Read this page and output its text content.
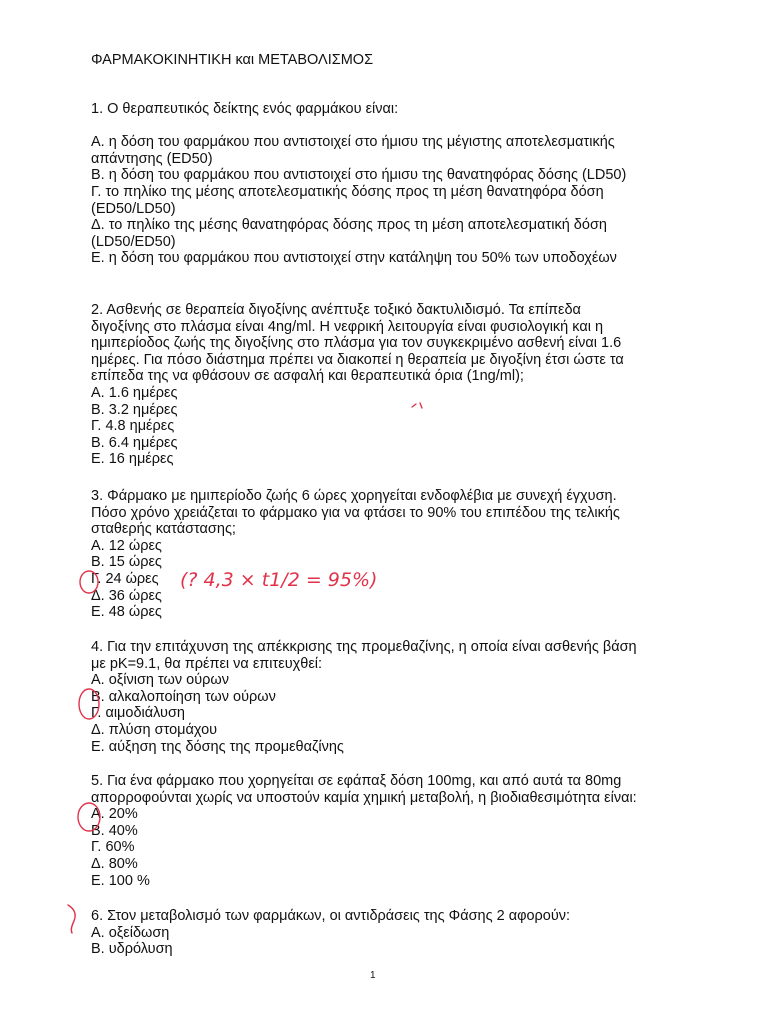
ΦΑΡΜΑΚΟΚΙΝΗΤΙΚΗ και ΜΕΤΑΒΟΛΙΣΜΟΣ
1. Ο θεραπευτικός δείκτης ενός φαρμάκου είναι:
Α. η δόση του φαρμάκου που αντιστοιχεί στο ήμισυ της μέγιστης αποτελεσματικής
απάντησης (ED50)
Β. η δόση του φαρμάκου που αντιστοιχεί στο ήμισυ της θανατηφόρας δόσης (LD50)
Γ. το πηλίκο της μέσης αποτελεσματικής δόσης προς τη μέση θανατηφόρα δόση
(ED50/LD50)
Δ. το πηλίκο της μέσης θανατηφόρας δόσης προς τη μέση αποτελεσματική δόση
(LD50/ED50)
Ε. η δόση του φαρμάκου που αντιστοιχεί στην κατάληψη του 50% των υποδοχέων
2. Ασθενής σε θεραπεία διγοξίνης ανέπτυξε τοξικό δακτυλιδισμό. Τα επίπεδα
διγοξίνης στο πλάσμα είναι 4ng/ml. Η νεφρική λειτουργία είναι φυσιολογική και η
ημιπερίοδος ζωής της διγοξίνης στο πλάσμα για τον συγκεκριμένο ασθενή είναι 1.6
ημέρες. Για πόσο διάστημα πρέπει να διακοπεί η θεραπεία με διγοξίνη έτσι ώστε τα
επίπεδα της να φθάσουν σε ασφαλή και θεραπευτικά όρια (1ng/ml);
Α. 1.6 ημέρες
Β. 3.2 ημέρες
Γ. 4.8 ημέρες
Β. 6.4 ημέρες
Ε. 16 ημέρες
3. Φάρμακο με ημιπερίοδο ζωής 6 ώρες χορηγείται ενδοφλέβια με συνεχή έγχυση.
Πόσο χρόνο χρειάζεται το φάρμακο για να φτάσει το 90% του επιπέδου της τελικής
σταθερής κατάστασης;
Α. 12 ώρες
Β. 15 ώρες
Γ. 24 ώρες
Δ. 36 ώρες
Ε. 48 ώρες
4. Για την επιτάχυνση της απέκκρισης της προμεθαζίνης, η οποία είναι ασθενής βάση
με pK=9.1, θα πρέπει να επιτευχθεί:
Α. οξίνιση των ούρων
Β. αλκαλοποίηση των ούρων
Γ. αιμοδιάλυση
Δ. πλύση στομάχου
Ε. αύξηση της δόσης της προμεθαζίνης
5. Για ένα φάρμακο που χορηγείται σε εφάπαξ δόση 100mg, και από αυτά τα 80mg
απορροφούνται χωρίς να υποστούν καμία χημική μεταβολή, η βιοδιαθεσιμότητα είναι:
Α. 20%
Β. 40%
Γ. 60%
Δ. 80%
Ε. 100 %
6. Στον μεταβολισμό των φαρμάκων, οι αντιδράσεις της Φάσης 2 αφορούν:
Α. οξείδωση
Β. υδρόλυση
1
(? 4,3 × t1/2 = 95%)
